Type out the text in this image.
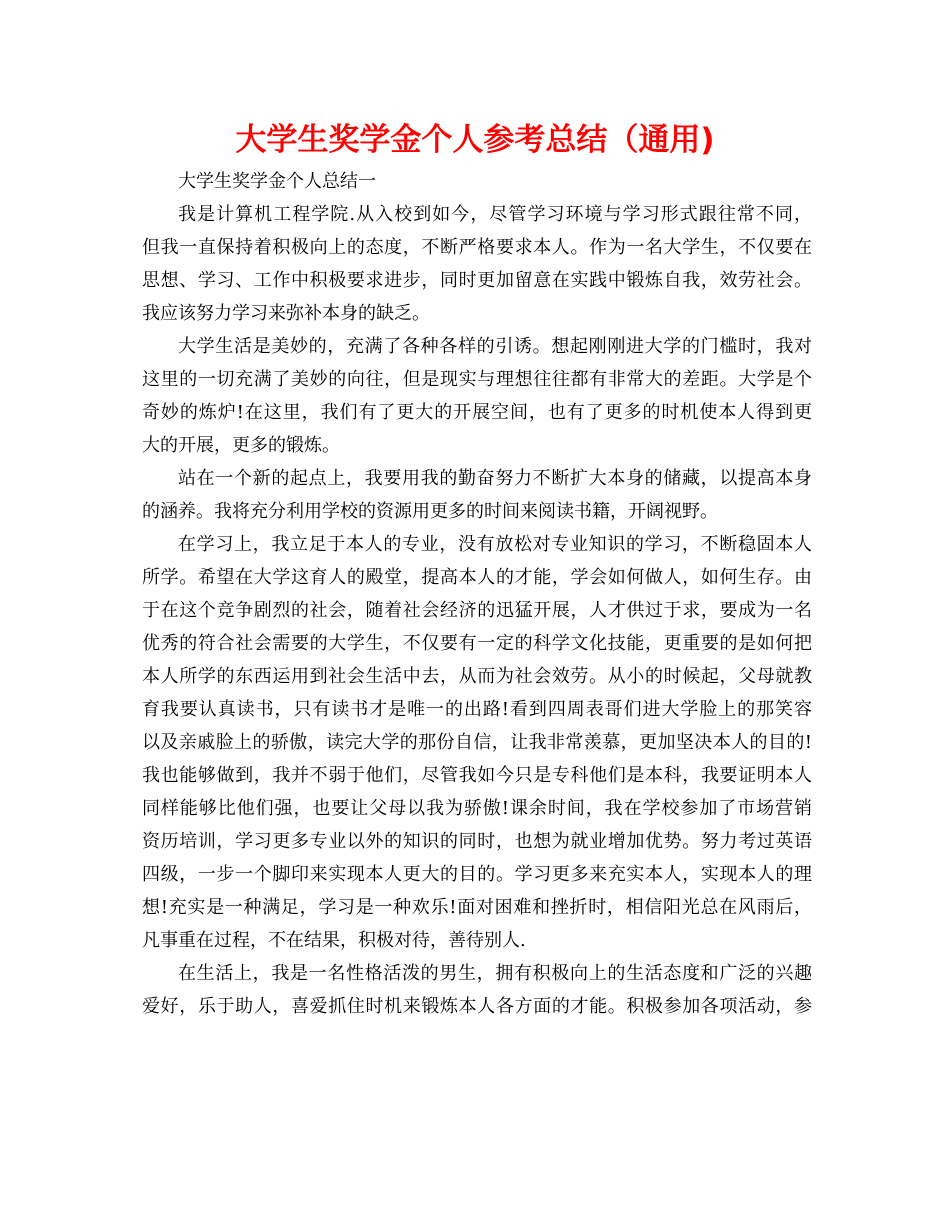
大学生奖学金个人参考总结（通用)

大学生奖学金个人总结一

我是计算机工程学院.从入校到如今，尽管学习环境与学习形式跟往常不同，
但我一直保持着积极向上的态度，不断严格要求本人。作为一名大学生，不仅要在
思想、学习、工作中积极要求进步，同时更加留意在实践中锻炼自我，效劳社会。
我应该努力学习来弥补本身的缺乏。
大学生活是美妙的，充满了各种各样的引诱。想起刚刚进大学的门槛时，我对
这里的一切充满了美妙的向往，但是现实与理想往往都有非常大的差距。大学是个
奇妙的炼炉!在这里，我们有了更大的开展空间，也有了更多的时机使本人得到更
大的开展，更多的锻炼。
站在一个新的起点上，我要用我的勤奋努力不断扩大本身的储藏，以提高本身
的涵养。我将充分利用学校的资源用更多的时间来阅读书籍，开阔视野。
在学习上，我立足于本人的专业，没有放松对专业知识的学习，不断稳固本人
所学。希望在大学这育人的殿堂，提高本人的才能，学会如何做人，如何生存。由
于在这个竞争剧烈的社会，随着社会经济的迅猛开展，人才供过于求，要成为一名
优秀的符合社会需要的大学生，不仅要有一定的科学文化技能，更重要的是如何把
本人所学的东西运用到社会生活中去，从而为社会效劳。从小的时候起，父母就教
育我要认真读书，只有读书才是唯一的出路!看到四周表哥们进大学脸上的那笑容
以及亲戚脸上的骄傲，读完大学的那份自信，让我非常羡慕，更加坚决本人的目的!
我也能够做到，我并不弱于他们，尽管我如今只是专科他们是本科，我要证明本人
同样能够比他们强，也要让父母以我为骄傲!课余时间，我在学校参加了市场营销
资历培训，学习更多专业以外的知识的同时，也想为就业增加优势。努力考过英语
四级，一步一个脚印来实现本人更大的目的。学习更多来充实本人，实现本人的理
想!充实是一种满足，学习是一种欢乐!面对困难和挫折时，相信阳光总在风雨后，
凡事重在过程，不在结果，积极对待，善待别人.
在生活上，我是一名性格活泼的男生，拥有积极向上的生活态度和广泛的兴趣
爱好，乐于助人，喜爱抓住时机来锻炼本人各方面的才能。积极参加各项活动，参
